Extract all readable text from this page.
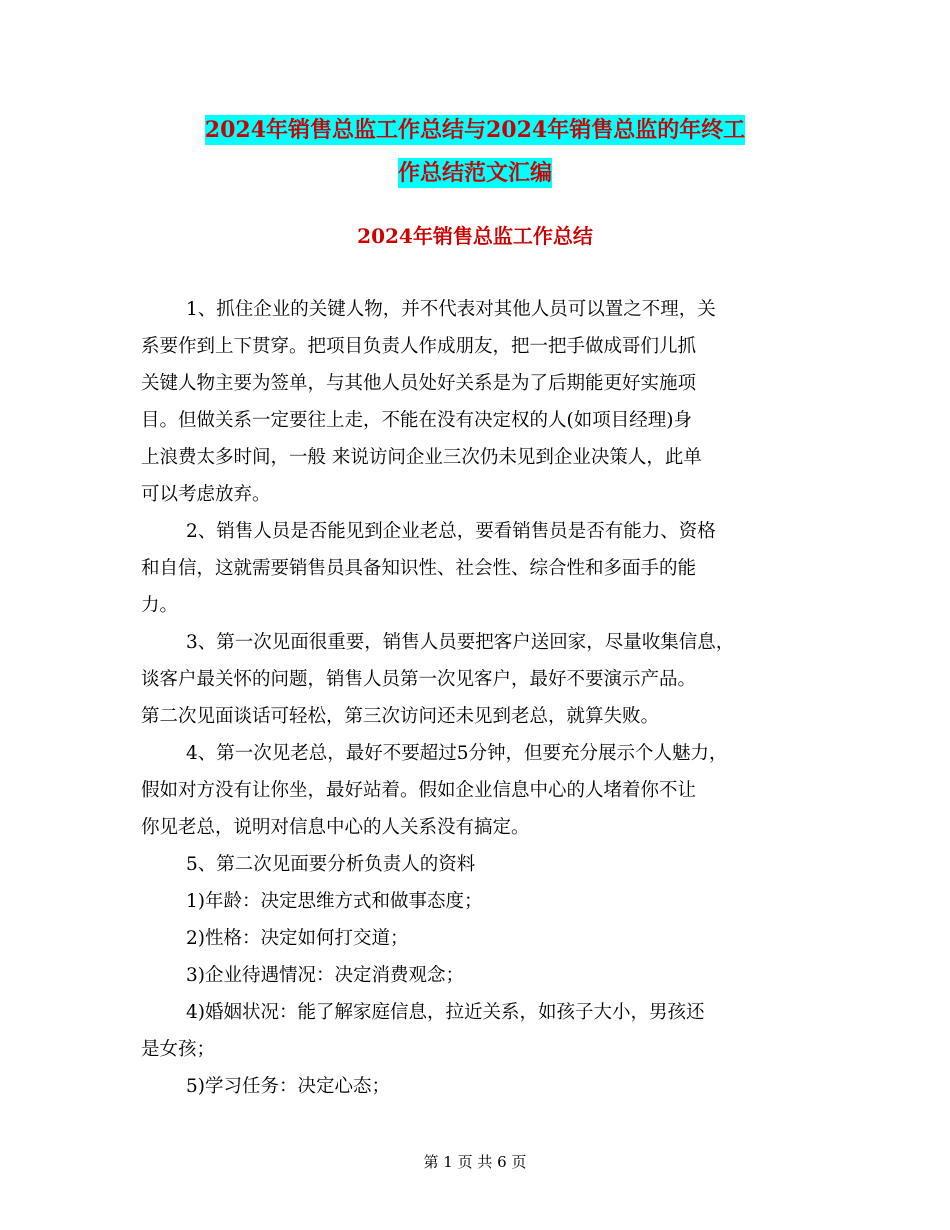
2024年销售总监工作总结与2024年销售总监的年终工
作总结范文汇编
2024年销售总监工作总结

1、抓住企业的关键人物，并不代表对其他人员可以置之不理，关

系要作到上下贯穿。把项目负责人作成朋友，把一把手做成哥们儿抓

关键人物主要为签单，与其他人员处好关系是为了后期能更好实施项

目。但做关系一定要往上走，不能在没有决定权的人(如项目经理)身

上浪费太多时间，一般 来说访问企业三次仍未见到企业决策人，此单

可以考虑放弃。

2、销售人员是否能见到企业老总，要看销售员是否有能力、资格

和自信，这就需要销售员具备知识性、社会性、综合性和多面手的能

力。

3、第一次见面很重要，销售人员要把客户送回家，尽量收集信息，

谈客户最关怀的问题，销售人员第一次见客户，最好不要演示产品。

第二次见面谈话可轻松，第三次访问还未见到老总，就算失败。

4、第一次见老总，最好不要超过5分钟，但要充分展示个人魅力，

假如对方没有让你坐，最好站着。假如企业信息中心的人堵着你不让

你见老总，说明对信息中心的人关系没有搞定。

5、第二次见面要分析负责人的资料

1)年龄：决定思维方式和做事态度；

2)性格：决定如何打交道；

3)企业待遇情况：决定消费观念；

4)婚姻状况：能了解家庭信息，拉近关系，如孩子大小，男孩还

是女孩；

5)学习任务：决定心态；

第 1 页 共 6 页
